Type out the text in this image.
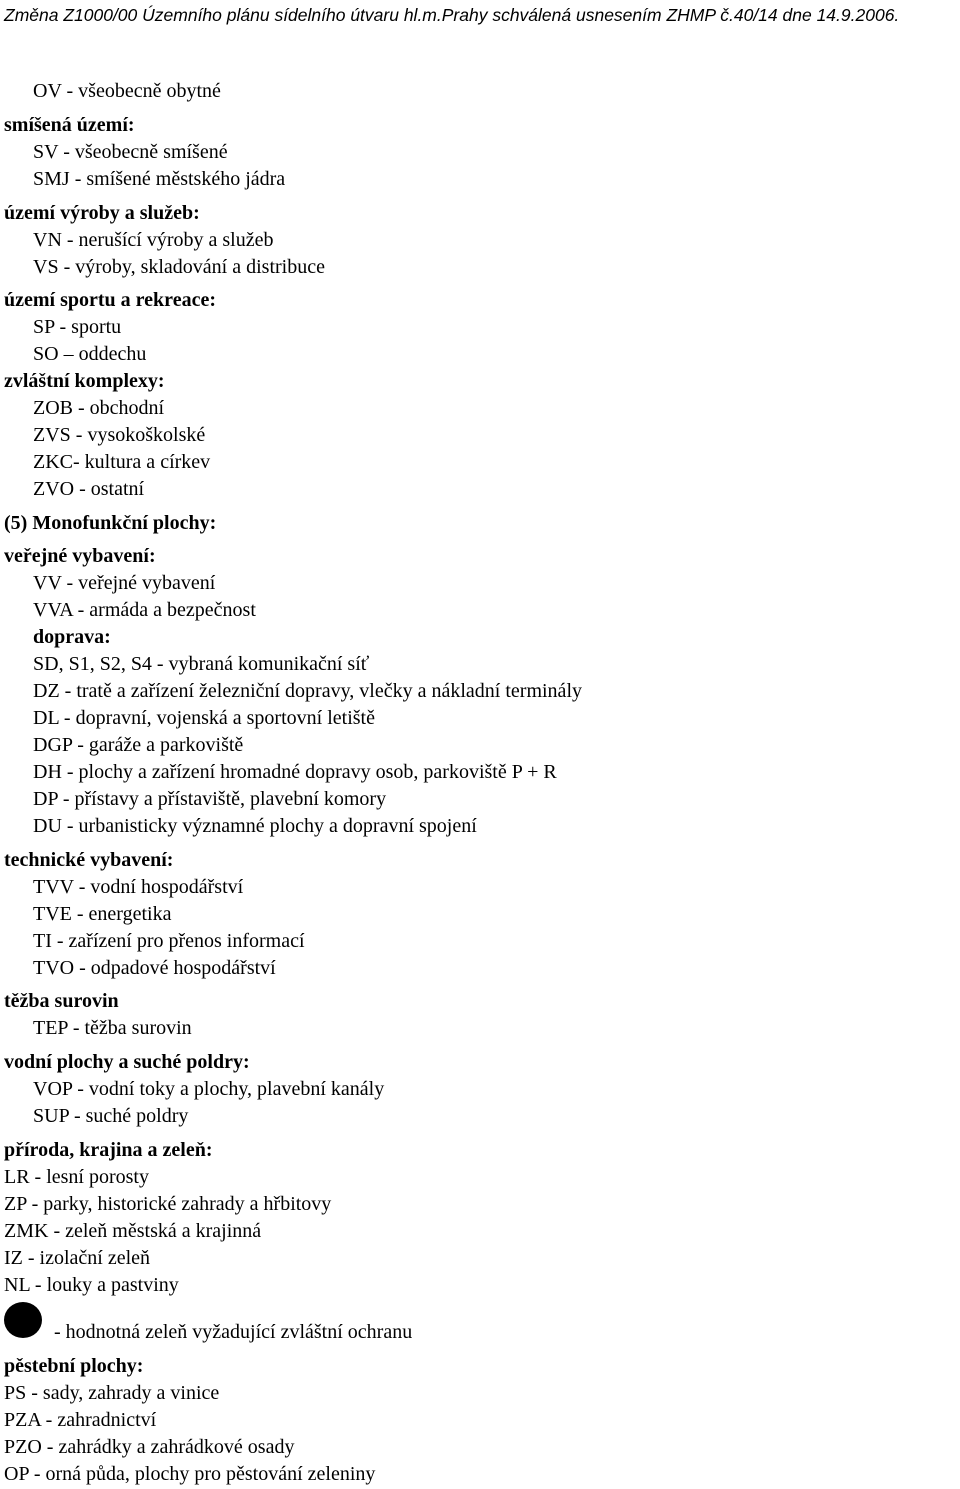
Změna Z1000/00 Územního plánu sídelního útvaru hl.m.Prahy schválená usnesením ZHMP č.40/14 dne 14.9.2006.
OV - všeobecně obytné
smíšená území:
SV - všeobecně smíšené
SMJ - smíšené městského jádra
území výroby a služeb:
VN - nerušící výroby a služeb
VS - výroby, skladování a distribuce
území sportu a rekreace:
SP - sportu
SO – oddechu
zvláštní komplexy:
ZOB - obchodní
ZVS - vysokoškolské
ZKC- kultura a církev
ZVO - ostatní
(5) Monofunkční plochy:
veřejné vybavení:
VV - veřejné vybavení
VVA - armáda a bezpečnost
doprava:
SD, S1, S2, S4 - vybraná komunikační síť
DZ - tratě a zařízení železniční dopravy, vlečky a nákladní terminály
DL - dopravní, vojenská a sportovní letiště
DGP - garáže a parkoviště
DH - plochy a zařízení hromadné dopravy osob, parkoviště P + R
DP - přístavy a přístaviště, plavební komory
DU - urbanisticky významné plochy a dopravní spojení
technické vybavení:
TVV - vodní hospodářství
TVE - energetika
TI - zařízení pro přenos informací
TVO - odpadové hospodářství
těžba surovin
TEP - těžba surovin
vodní plochy a suché poldry:
VOP - vodní toky a plochy, plavební kanály
SUP - suché poldry
příroda, krajina a zeleň:
LR - lesní porosty
ZP - parky, historické zahrady a hřbitovy
ZMK - zeleň městská a krajinná
IZ - izolační zeleň
NL - louky a pastviny
- hodnotná zeleň vyžadující zvláštní ochranu
pěstební plochy:
PS - sady, zahrady a vinice
PZA - zahradnictví
PZO - zahrádky a zahrádkové osady
OP - orná půda, plochy pro pěstování zeleniny
